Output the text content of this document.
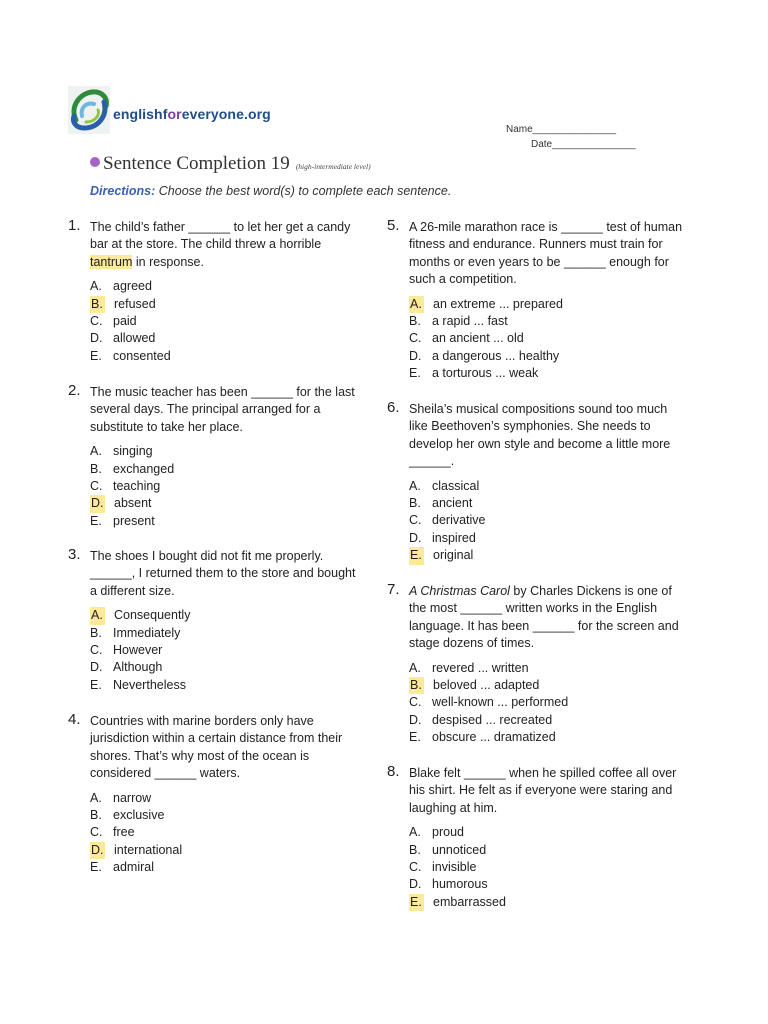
englishforeveryone.org
Name_______________
Date_______________
Sentence Completion 19 (high-intermediate level)
Directions: Choose the best word(s) to complete each sentence.
1. The child’s father ______ to let her get a candy bar at the store. The child threw a horrible tantrum in response.
A. agreed
B. refused
C. paid
D. allowed
E. consented
2. The music teacher has been ______ for the last several days. The principal arranged for a substitute to take her place.
A. singing
B. exchanged
C. teaching
D. absent
E. present
3. The shoes I bought did not fit me properly. ______, I returned them to the store and bought a different size.
A. Consequently
B. Immediately
C. However
D. Although
E. Nevertheless
4. Countries with marine borders only have jurisdiction within a certain distance from their shores. That’s why most of the ocean is considered ______ waters.
A. narrow
B. exclusive
C. free
D. international
E. admiral
5. A 26-mile marathon race is ______ test of human fitness and endurance. Runners must train for months or even years to be ______ enough for such a competition.
A. an extreme ... prepared
B. a rapid ... fast
C. an ancient ... old
D. a dangerous ... healthy
E. a torturous ... weak
6. Sheila’s musical compositions sound too much like Beethoven’s symphonies. She needs to develop her own style and become a little more ______.
A. classical
B. ancient
C. derivative
D. inspired
E. original
7. A Christmas Carol by Charles Dickens is one of the most ______ written works in the English language. It has been ______ for the screen and stage dozens of times.
A. revered ... written
B. beloved ... adapted
C. well-known ... performed
D. despised ... recreated
E. obscure ... dramatized
8. Blake felt ______ when he spilled coffee all over his shirt. He felt as if everyone were staring and laughing at him.
A. proud
B. unnoticed
C. invisible
D. humorous
E. embarrassed
